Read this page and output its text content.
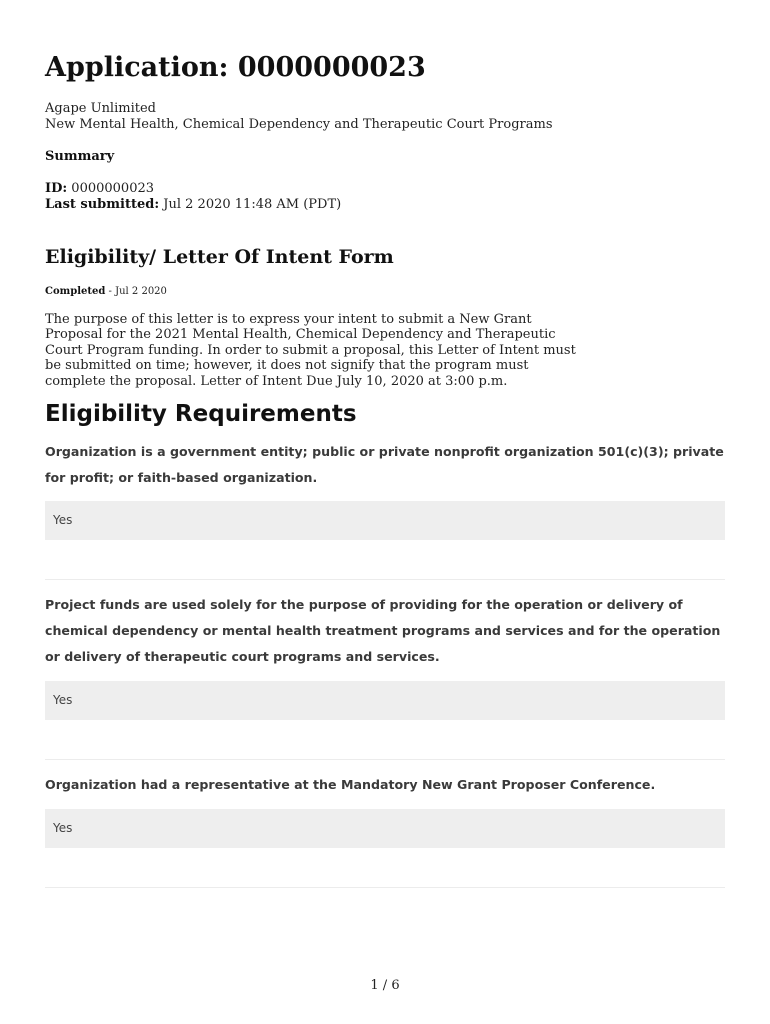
Application: 0000000023
Agape Unlimited
New Mental Health, Chemical Dependency and Therapeutic Court Programs
Summary
ID: 0000000023
Last submitted: Jul 2 2020 11:48 AM (PDT)
Eligibility/ Letter Of Intent Form
Completed - Jul 2 2020
The purpose of this letter is to express your intent to submit a New Grant
Proposal for the 2021 Mental Health, Chemical Dependency and Therapeutic
Court Program funding. In order to submit a proposal, this Letter of Intent must
be submitted on time; however, it does not signify that the program must
complete the proposal. Letter of Intent Due July 10, 2020 at 3:00 p.m.
Eligibility Requirements
Organization is a government entity; public or private nonprofit organization 501(c)(3); private
for profit; or faith-based organization.
Yes
Project funds are used solely for the purpose of providing for the operation or delivery of
chemical dependency or mental health treatment programs and services and for the operation
or delivery of therapeutic court programs and services.
Yes
Organization had a representative at the Mandatory New Grant Proposer Conference.
Yes
1 / 6
